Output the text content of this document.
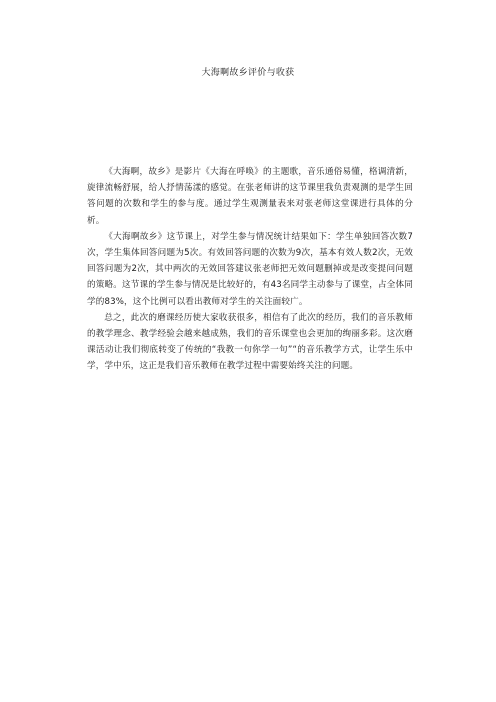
大海啊故乡评价与收获

《大海啊，故乡》是影片《大海在呼唤》的主题歌，音乐通俗易懂，格调清新，旋律流畅舒展，给人抒情荡漾的感觉。在张老师讲的这节课里我负责观测的是学生回答问题的次数和学生的参与度。通过学生观测量表来对张老师这堂课进行具体的分析。

《大海啊故乡》这节课上，对学生参与情况统计结果如下：学生单独回答次数7次，学生集体回答问题为5次。有效回答问题的次数为9次，基本有效人数2次，无效回答问题为2次，其中两次的无效回答建议张老师把无效问题删掉或是改变提问问题的策略。这节课的学生参与情况是比较好的，有43名同学主动参与了课堂，占全体同学的83%，这个比例可以看出教师对学生的关注面较广。

总之，此次的磨课经历使大家收获很多，相信有了此次的经历，我们的音乐教师的教学理念、教学经验会越来越成熟，我们的音乐课堂也会更加的绚丽多彩。这次磨课活动让我们彻底转变了传统的“我教一句你学一句”“的音乐教学方式，让学生乐中学，学中乐，这正是我们音乐教师在教学过程中需要始终关注的问题。
